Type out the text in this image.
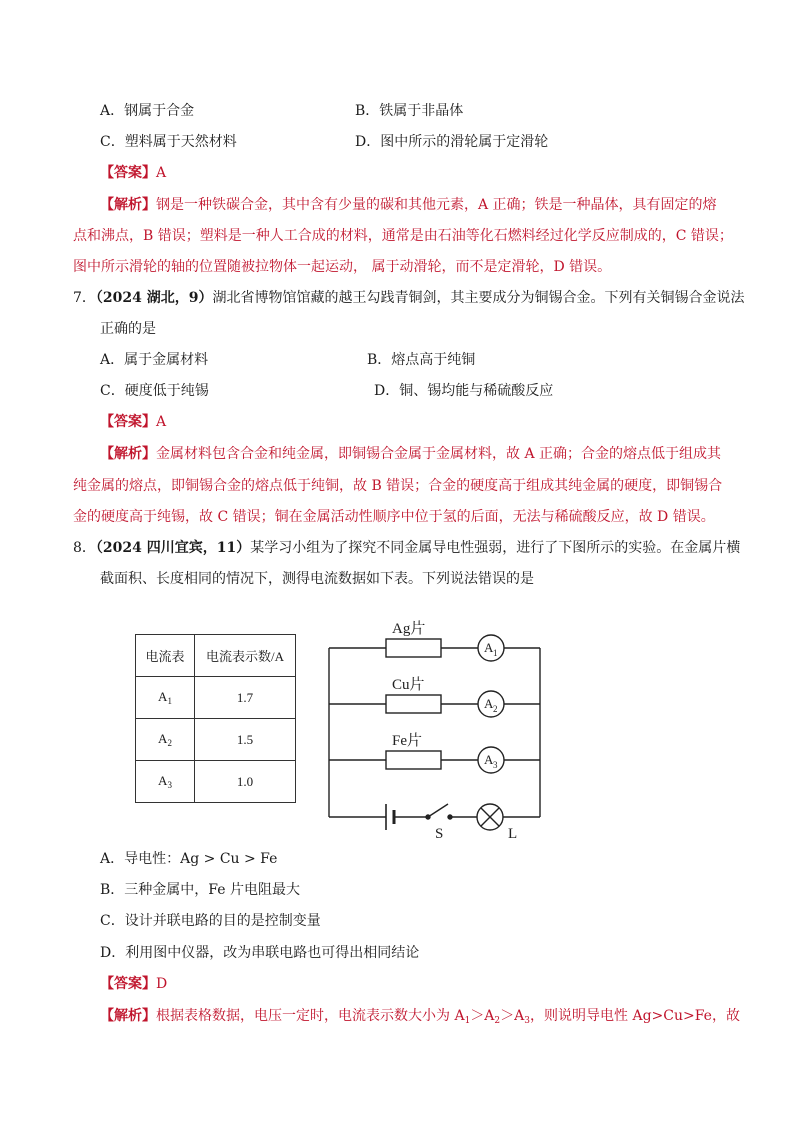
A．钢属于合金	B．铁属于非晶体
C．塑料属于天然材料	D．图中所示的滑轮属于定滑轮
【答案】A
【解析】钢是一种铁碳合金，其中含有少量的碳和其他元素，A 正确；铁是一种晶体，具有固定的熔
点和沸点，B 错误；塑料是一种人工合成的材料，通常是由石油等化石燃料经过化学反应制成的，C 错误；
图中所示滑轮的轴的位置随被拉物体一起运动， 属于动滑轮，而不是定滑轮，D 错误。
7．（2024 湖北，9）湖北省博物馆馆藏的越王勾践青铜剑，其主要成分为铜锡合金。下列有关铜锡合金说法
正确的是
A．属于金属材料	B．熔点高于纯铜
C．硬度低于纯锡	D．铜、锡均能与稀硫酸反应
【答案】A
【解析】金属材料包含合金和纯金属，即铜锡合金属于金属材料，故 A 正确；合金的熔点低于组成其
纯金属的熔点，即铜锡合金的熔点低于纯铜，故 B 错误；合金的硬度高于组成其纯金属的硬度，即铜锡合
金的硬度高于纯锡，故 C 错误；铜在金属活动性顺序中位于氢的后面，无法与稀硫酸反应，故 D 错误。
8．（2024 四川宜宾，11）某学习小组为了探究不同金属导电性强弱，进行了下图所示的实验。在金属片横
截面积、长度相同的情况下，测得电流数据如下表。下列说法错误的是
电流表	电流表示数/A
$A_1$	1.7
$A_2$	1.5
$A_3$	1.0
Ag片
Cu片
Fe片
A 1
A 2
A 3
S	L
A．导电性：Ag > Cu > Fe
B．三种金属中，Fe 片电阻最大
C．设计并联电路的目的是控制变量
D．利用图中仪器，改为串联电路也可得出相同结论
【答案】D
【解析】根据表格数据，电压一定时，电流表示数大小为 $A_1>A_2>A_3$，则说明导电性 Ag>Cu>Fe，故
